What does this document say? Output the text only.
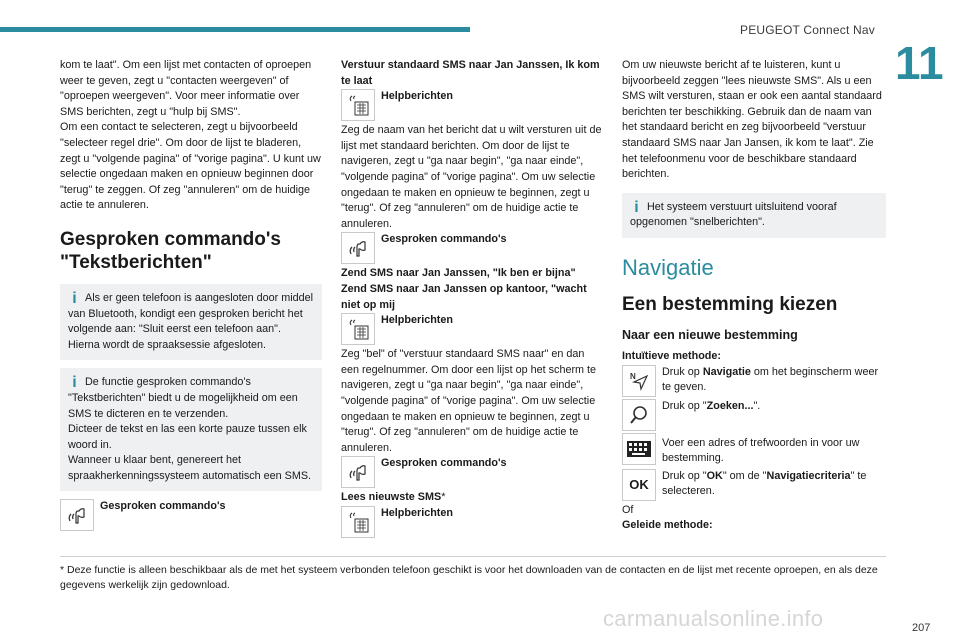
PEUGEOT Connect Nav
11

kom te laat". Om een lijst met contacten of oproepen weer te geven, zegt u "contacten weergeven" of "oproepen weergeven". Voor meer informatie over SMS berichten, zegt u "hulp bij SMS".

Om een contact te selecteren, zegt u bijvoorbeeld "selecteer regel drie". Om door de lijst te bladeren, zegt u "volgende pagina" of "vorige pagina". U kunt uw selectie ongedaan maken en opnieuw beginnen door "terug" te zeggen. Of zeg "annuleren" om de huidige actie te annuleren.

Gesproken commando's "Tekstberichten"
i Als er geen telefoon is aangesloten door middel van Bluetooth, kondigt een gesproken bericht het volgende aan: "Sluit eerst een telefoon aan". Hierna wordt de spraaksessie afgesloten.
i De functie gesproken commando's "Tekstberichten" biedt u de mogelijkheid om een SMS te dicteren en te verzenden.
Dicteer de tekst en las een korte pauze tussen elk woord in.
Wanneer u klaar bent, genereert het spraakherkenningssysteem automatisch een SMS.
Gesproken commando's

Verstuur standaard SMS naar Jan Janssen, Ik kom te laat

Helpberichten

Zeg de naam van het bericht dat u wilt versturen uit de lijst met standaard berichten. Om door de lijst te navigeren, zegt u "ga naar begin", "ga naar einde", "volgende pagina" of "vorige pagina". Om uw selectie ongedaan te maken en opnieuw te beginnen, zegt u "terug". Of zeg "annuleren" om de huidige actie te annuleren.

Gesproken commando's

Zend SMS naar Jan Janssen, "Ik ben er bijna"

Zend SMS naar Jan Janssen op kantoor, "wacht niet op mij

Helpberichten

Zeg "bel" of "verstuur standaard SMS naar" en dan een regelnummer. Om door een lijst op het scherm te navigeren, zegt u "ga naar begin", "ga naar einde", "volgende pagina" of "vorige pagina". Om uw selectie ongedaan te maken en opnieuw te beginnen, zegt u "terug". Of zeg "annuleren" om de huidige actie te annuleren.

Gesproken commando's

Lees nieuwste SMS*

Helpberichten

Om uw nieuwste bericht af te luisteren, kunt u bijvoorbeeld zeggen "lees nieuwste SMS". Als u een SMS wilt versturen, staan er ook een aantal standaard berichten ter beschikking. Gebruik dan de naam van het standaard bericht en zeg bijvoorbeeld "verstuur standaard SMS naar Jan Jansen, ik kom te laat". Zie het telefoonmenu voor de beschikbare standaard berichten.

i Het systeem verstuurt uitsluitend vooraf opgenomen "snelberichten".
Navigatie
Een bestemming kiezen
Naar een nieuwe bestemming

Intuïtieve methode:

N Druk op Navigatie om het beginscherm weer te geven.
Druk op "Zoeken...".
Voer een adres of trefwoorden in voor uw bestemming.
OK
Druk op "OK" om de "Navigatiecriteria" te selecteren.

Of

Geleide methode:

* Deze functie is alleen beschikbaar als de met het systeem verbonden telefoon geschikt is voor het downloaden van de contacten en de lijst met recente oproepen, en als deze gegevens werkelijk zijn gedownload.
carmanualsonline.info	207
